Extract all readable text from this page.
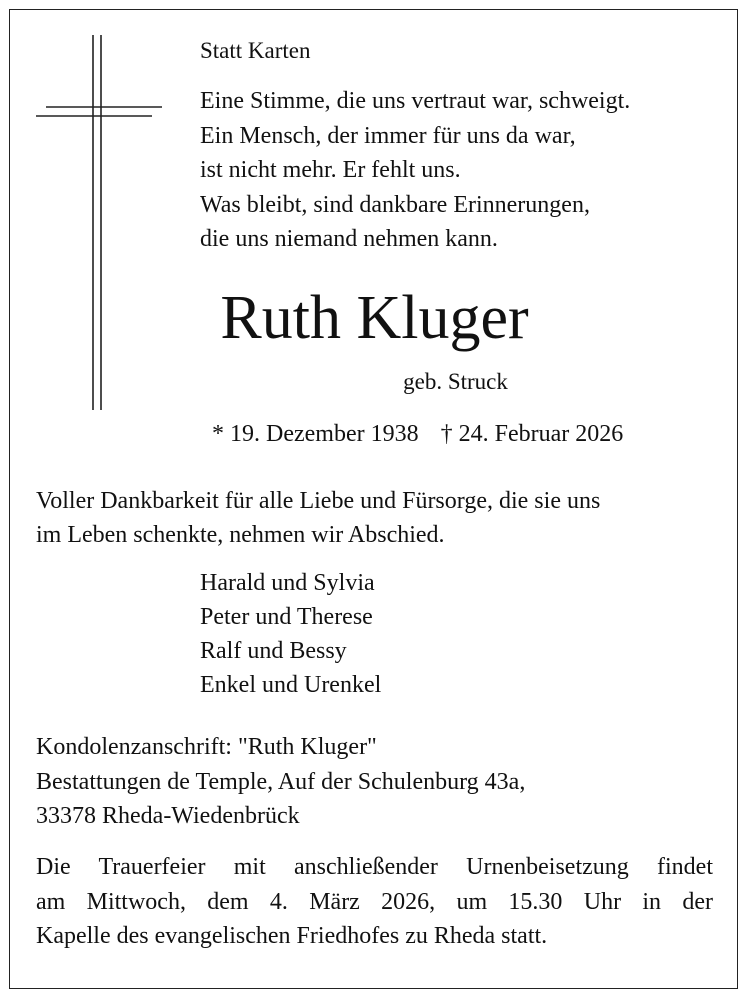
Statt Karten
Eine Stimme, die uns vertraut war, schweigt.
Ein Mensch, der immer für uns da war,
ist nicht mehr. Er fehlt uns.
Was bleibt, sind dankbare Erinnerungen,
die uns niemand nehmen kann.
Ruth Kluger
geb. Struck
* 19. Dezember 1938 † 24. Februar 2026
Voller Dankbarkeit für alle Liebe und Fürsorge, die sie uns
im Leben schenkte, nehmen wir Abschied.
Harald und Sylvia
Peter und Therese
Ralf und Bessy
Enkel und Urenkel
Kondolenzanschrift: "Ruth Kluger"
Bestattungen de Temple, Auf der Schulenburg 43a,
33378 Rheda-Wiedenbrück
Die Trauerfeier mit anschließender Urnenbeisetzung findet
am Mittwoch, dem 4. März 2026, um 15.30 Uhr in der
Kapelle des evangelischen Friedhofes zu Rheda statt.
